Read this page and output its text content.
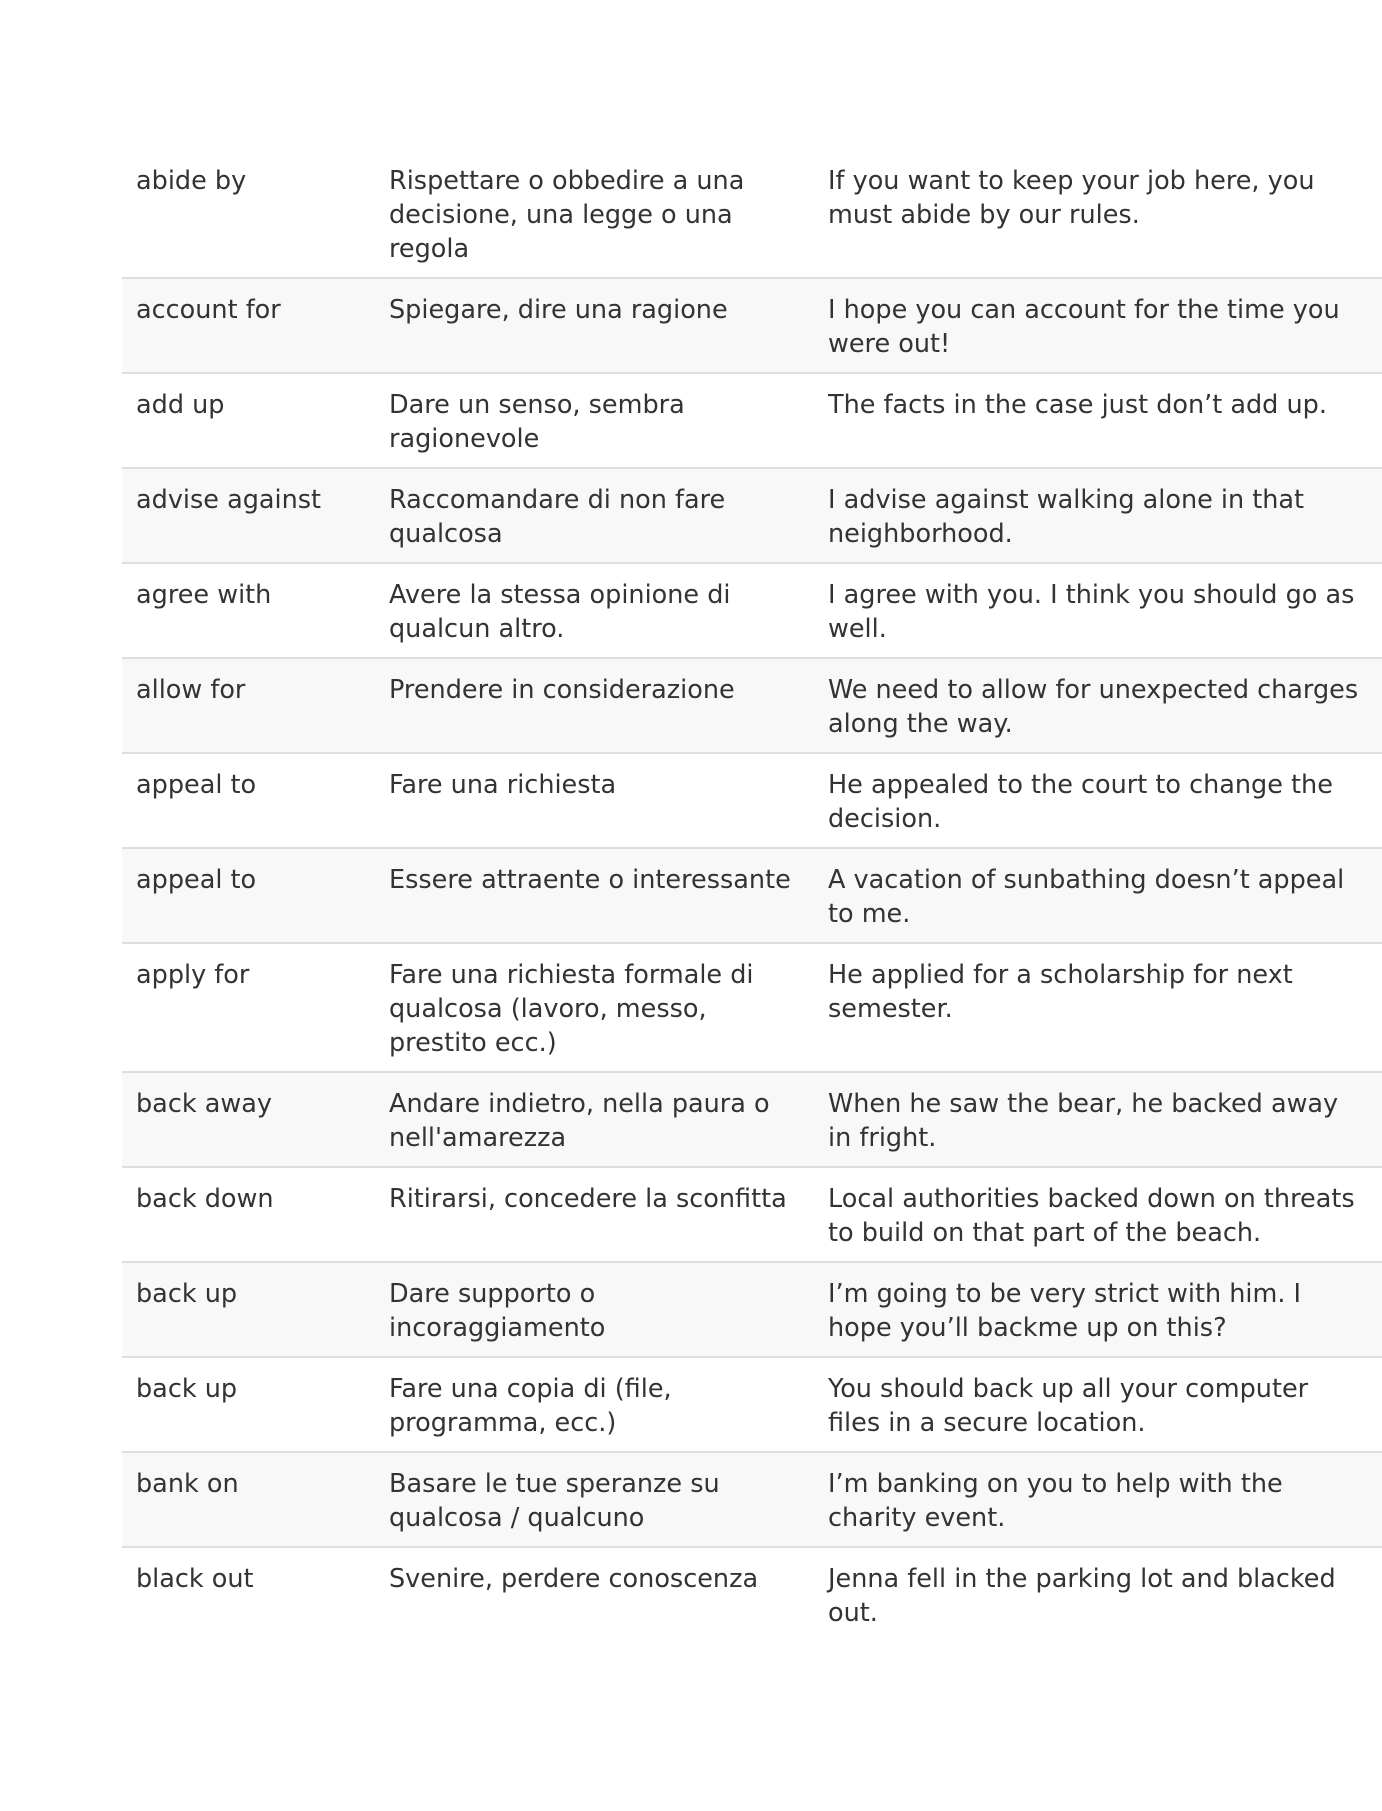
abide by	Rispettare o obbedire a una decisione, una legge o una regola	If you want to keep your job here, you must abide by our rules.
account for	Spiegare, dire una ragione	I hope you can account for the time you were out!
add up	Dare un senso, sembra ragionevole	The facts in the case just don’t add up.
advise against	Raccomandare di non fare qualcosa	I advise against walking alone in that neighborhood.
agree with	Avere la stessa opinione di qualcun altro.	I agree with you. I think you should go as well.
allow for	Prendere in considerazione	We need to allow for unexpected charges along the way.
appeal to	Fare una richiesta	He appealed to the court to change the decision.
appeal to	Essere attraente o interessante	A vacation of sunbathing doesn’t appeal to me.
apply for	Fare una richiesta formale di qualcosa (lavoro, messo, prestito ecc.)	He applied for a scholarship for next semester.
back away	Andare indietro, nella paura o nell'amarezza	When he saw the bear, he backed away in fright.
back down	Ritirarsi, concedere la sconfitta	Local authorities backed down on threats to build on that part of the beach.
back up	Dare supporto o incoraggiamento	I’m going to be very strict with him. I hope you’ll backme up on this?
back up	Fare una copia di (file, programma, ecc.)	You should back up all your computer files in a secure location.
bank on	Basare le tue speranze su qualcosa / qualcuno	I’m banking on you to help with the charity event.
black out	Svenire, perdere conoscenza	Jenna fell in the parking lot and blacked out.
